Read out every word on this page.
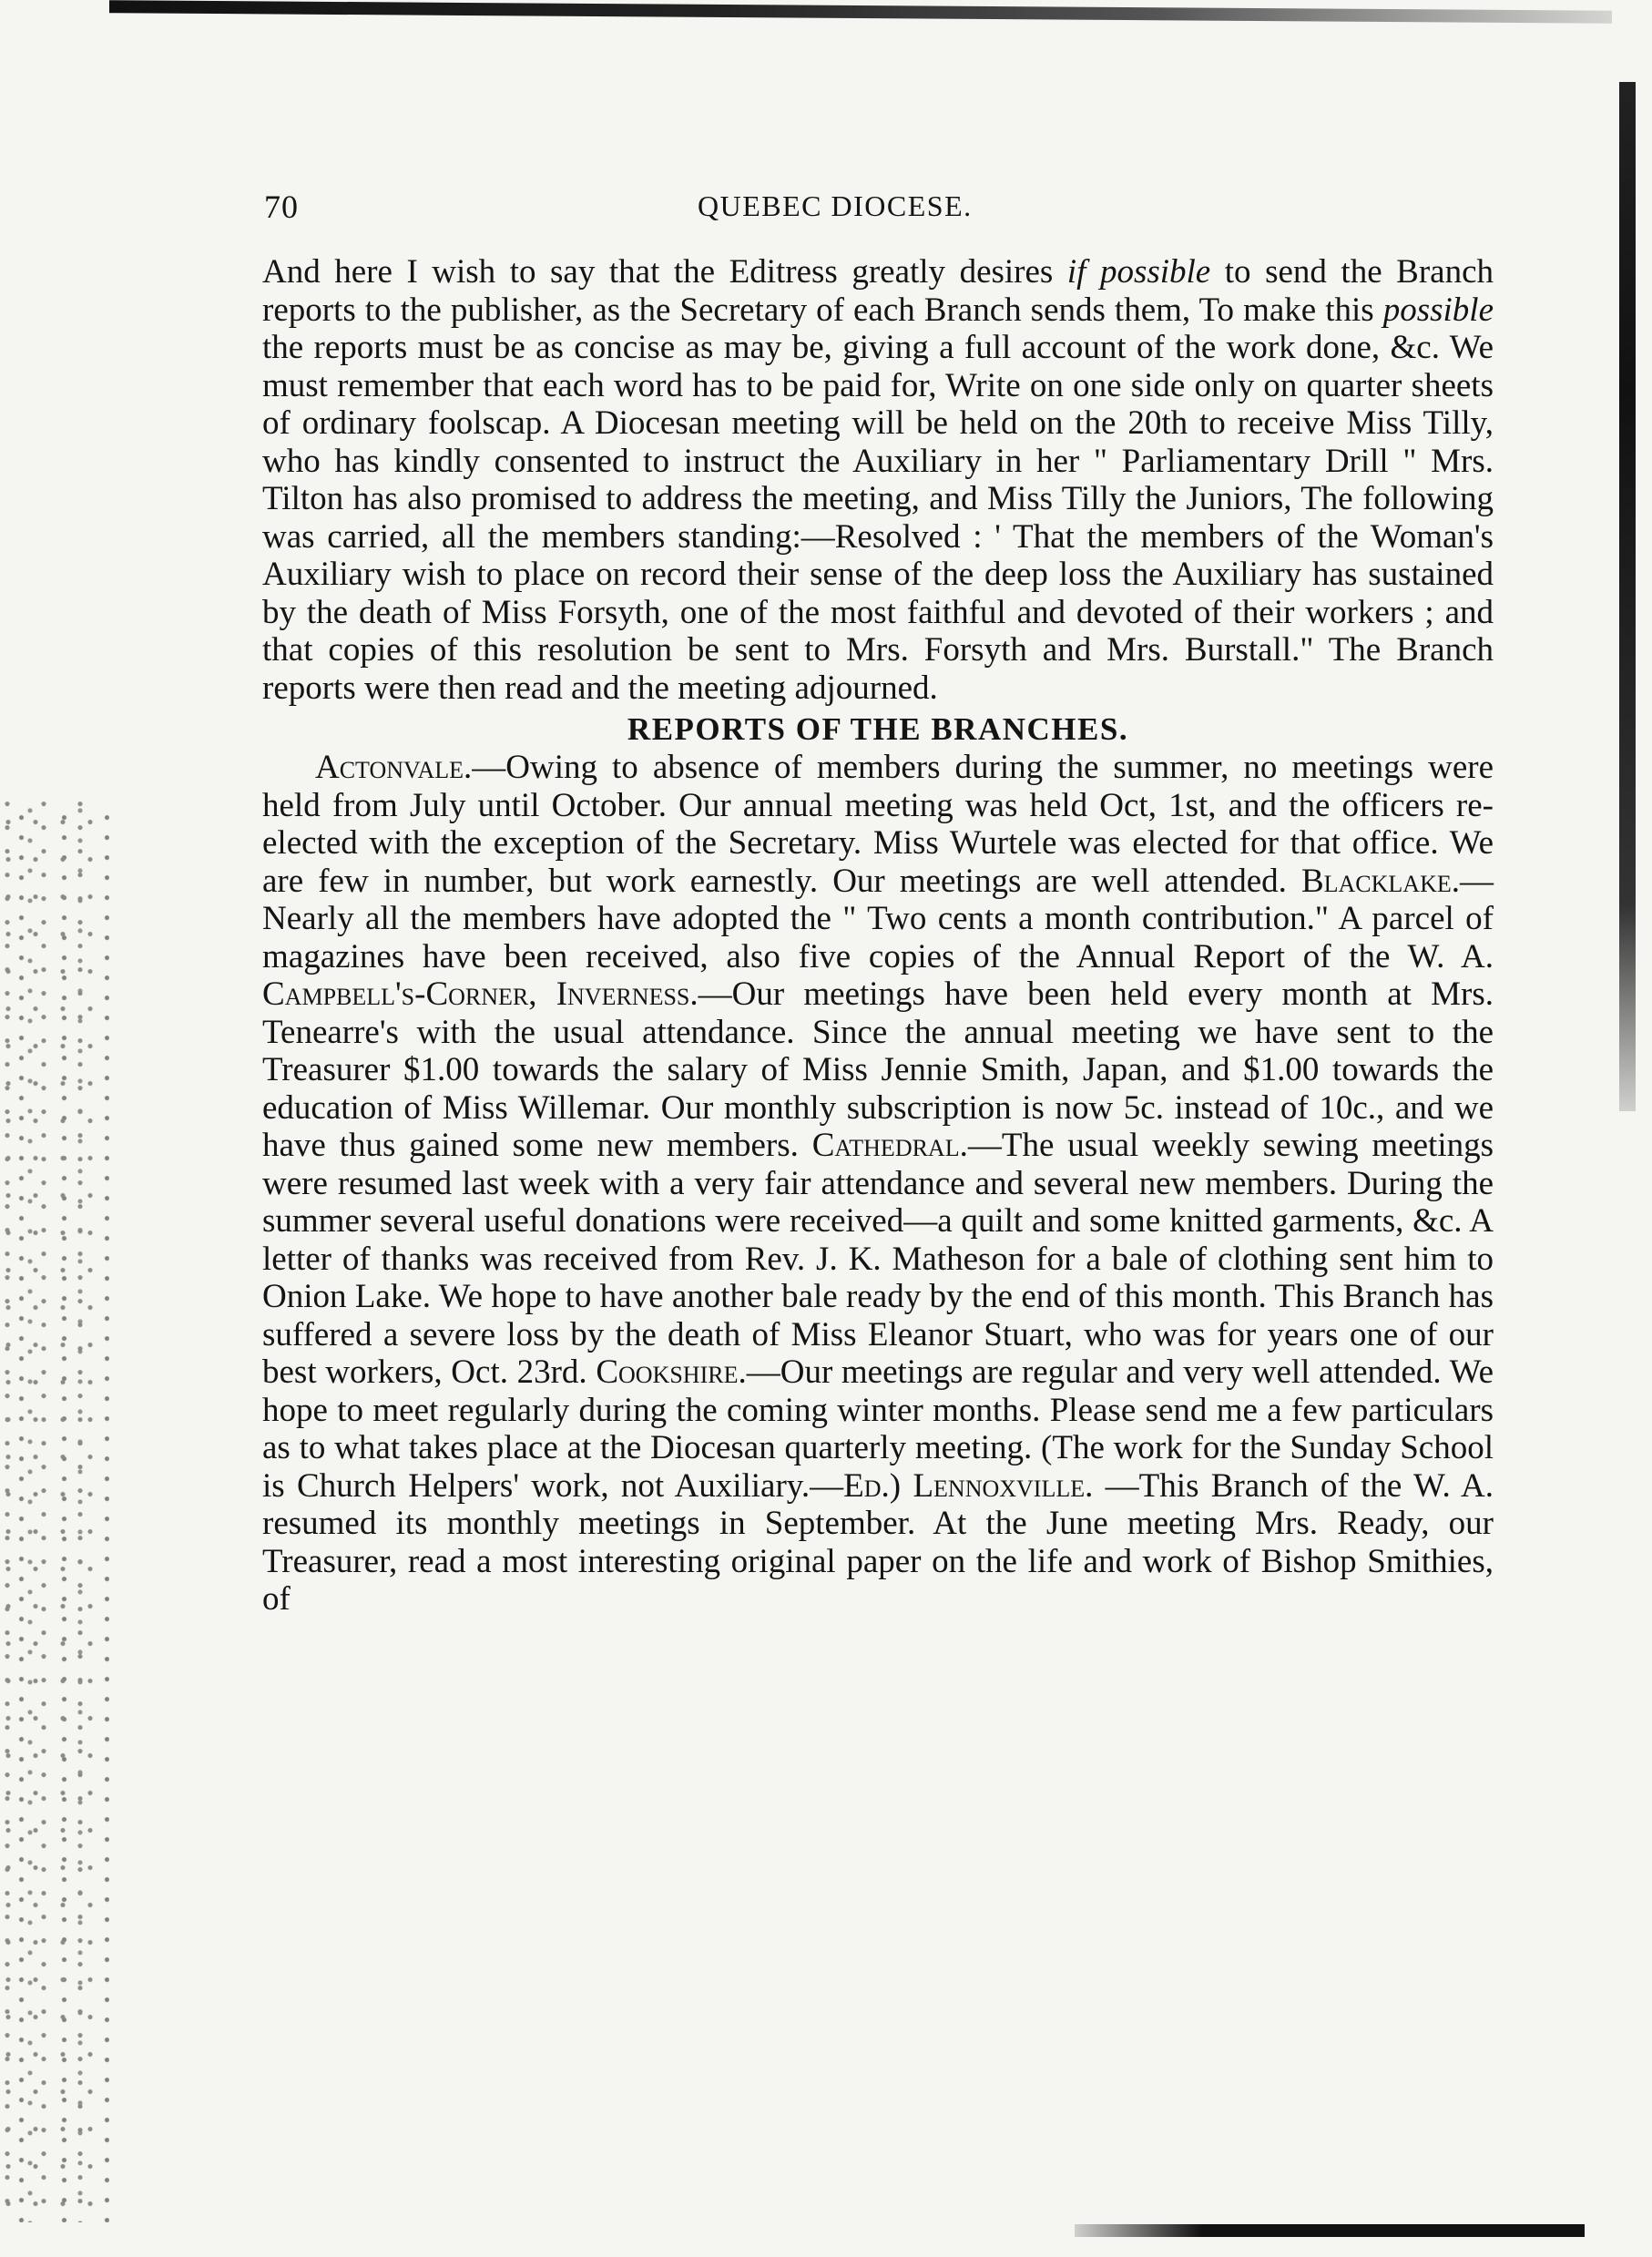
70	QUEBEC DIOCESE.

And here I wish to say that the Editress greatly desires if possible to send the Branch reports to the publisher, as the Secretary of each Branch sends them, To make this possible the reports must be as concise as may be, giving a full account of the work done, &c. We must remember that each word has to be paid for, Write on one side only on quarter sheets of ordinary foolscap. A Diocesan meeting will be held on the 20th to receive Miss Tilly, who has kindly consented to instruct the Auxiliary in her " Parliamentary Drill " Mrs. Tilton has also promised to address the meeting, and Miss Tilly the Juniors, The following was carried, all the members standing:—Resolved : ' That the members of the Woman's Auxiliary wish to place on record their sense of the deep loss the Auxiliary has sustained by the death of Miss Forsyth, one of the most faithful and devoted of their workers ; and that copies of this resolution be sent to Mrs. Forsyth and Mrs. Burstall." The Branch reports were then read and the meeting adjourned.

REPORTS OF THE BRANCHES.

Actonvale.—Owing to absence of members during the summer, no meetings were held from July until October. Our annual meeting was held Oct, 1st, and the officers re-elected with the exception of the Secretary. Miss Wurtele was elected for that office. We are few in number, but work earnestly. Our meetings are well attended. Blacklake.—Nearly all the members have adopted the " Two cents a month contribution." A parcel of magazines have been received, also five copies of the Annual Report of the W. A. Campbell's-Corner, Inverness.—Our meetings have been held every month at Mrs. Tenearre's with the usual attendance. Since the annual meeting we have sent to the Treasurer $1.00 towards the salary of Miss Jennie Smith, Japan, and $1.00 towards the education of Miss Willemar. Our monthly subscription is now 5c. instead of 10c., and we have thus gained some new members. Cathedral.—The usual weekly sewing meetings were resumed last week with a very fair attendance and several new members. During the summer several useful donations were received—a quilt and some knitted garments, &c. A letter of thanks was received from Rev. J. K. Matheson for a bale of clothing sent him to Onion Lake. We hope to have another bale ready by the end of this month. This Branch has suffered a severe loss by the death of Miss Eleanor Stuart, who was for years one of our best workers, Oct. 23rd. Cookshire.—Our meetings are regular and very well attended. We hope to meet regularly during the coming winter months. Please send me a few particulars as to what takes place at the Diocesan quarterly meeting. (The work for the Sunday School is Church Helpers' work, not Auxiliary.—Ed.) Lennoxville. —This Branch of the W. A. resumed its monthly meetings in September. At the June meeting Mrs. Ready, our Treasurer, read a most interesting original paper on the life and work of Bishop Smithies, of
